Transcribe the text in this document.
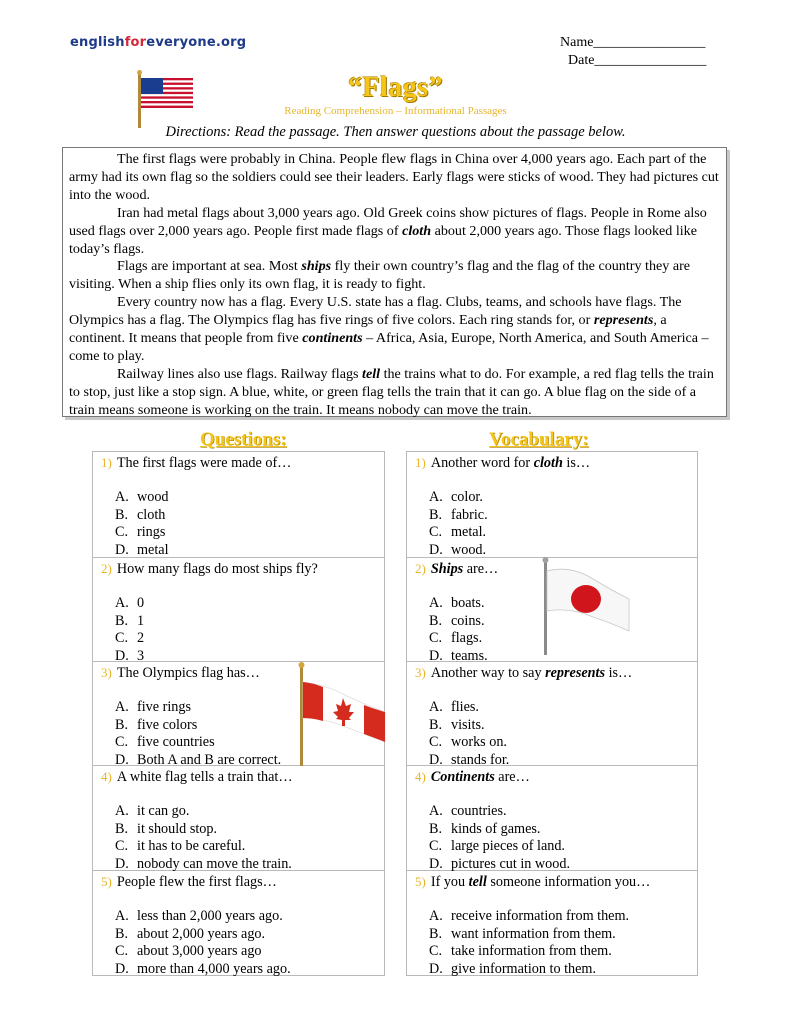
englishforeveryone.org	Name________________
Date________________
“Flags”
Reading Comprehension – Informational Passages
Directions: Read the passage. Then answer questions about the passage below.

The first flags were probably in China. People flew flags in China over 4,000 years ago. Each part of the army had its own flag so the soldiers could see their leaders. Early flags were sticks of wood. They had pictures cut into the wood.

Iran had metal flags about 3,000 years ago. Old Greek coins show pictures of flags. People in Rome also used flags over 2,000 years ago. People first made flags of cloth about 2,000 years ago. Those flags looked like today’s flags.

Flags are important at sea. Most ships fly their own country’s flag and the flag of the country they are visiting. When a ship flies only its own flag, it is ready to fight.

Every country now has a flag. Every U.S. state has a flag. Clubs, teams, and schools have flags. The Olympics has a flag. The Olympics flag has five rings of five colors. Each ring stands for, or represents, a continent. It means that people from five continents – Africa, Asia, Europe, North America, and South America – come to play.

Railway lines also use flags. Railway flags tell the trains what to do. For example, a red flag tells the train to stop, just like a stop sign. A blue, white, or green flag tells the train that it can go. A blue flag on the side of a train means someone is working on the train. It means nobody can move the train.

Questions:	Vocabulary:
1) The first flags were made of…
A. wood
B. cloth
C. rings
D. metal
2) How many flags do most ships fly?
A. 0
B. 1
C. 2
D. 3
3) The Olympics flag has…
A. five rings
B. five colors
C. five countries
D. Both A and B are correct.
4) A white flag tells a train that…
A. it can go.
B. it should stop.
C. it has to be careful.
D. nobody can move the train.
5) People flew the first flags…
A. less than 2,000 years ago.
B. about 2,000 years ago.
C. about 3,000 years ago
D. more than 4,000 years ago.
1) Another word for cloth is…
A. color.
B. fabric.
C. metal.
D. wood.
2) Ships are…
A. boats.
B. coins.
C. flags.
D. teams.
3) Another way to say represents is…
A. flies.
B. visits.
C. works on.
D. stands for.
4) Continents are…
A. countries.
B. kinds of games.
C. large pieces of land.
D. pictures cut in wood.
5) If you tell someone information you…
A. receive information from them.
B. want information from them.
C. take information from them.
D. give information to them.
